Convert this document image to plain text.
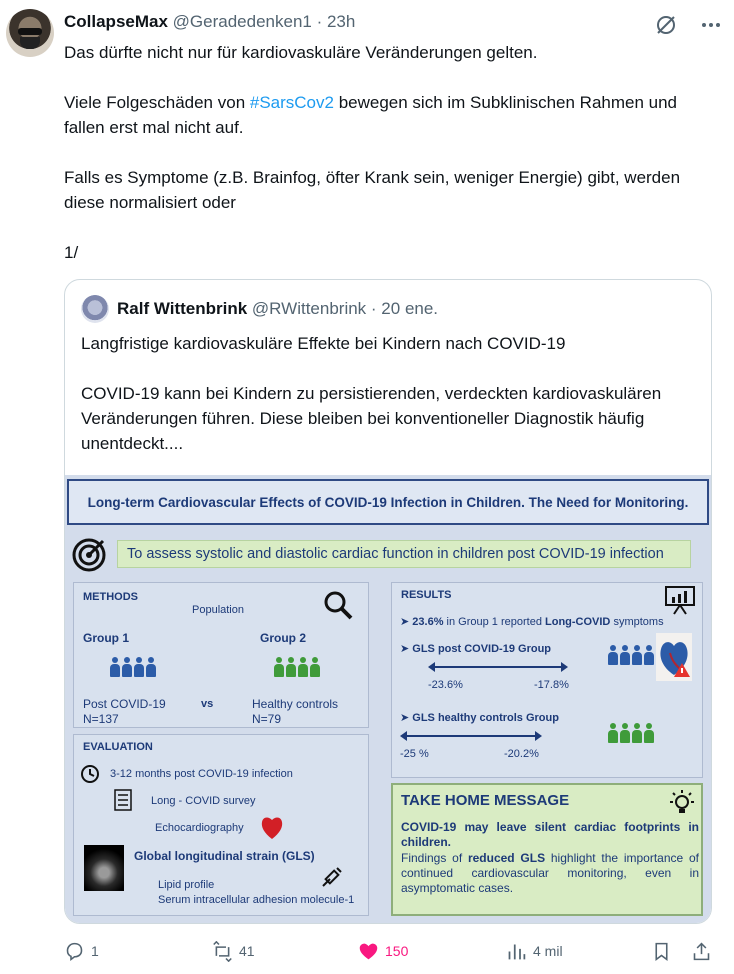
CollapseMax @Geradedenken1 · 23h

Das dürfte nicht nur für kardiovaskuläre Veränderungen gelten.

Viele Folgeschäden von #SarsCov2 bewegen sich im Subklinischen Rahmen und fallen erst mal nicht auf.

Falls es Symptome (z.B. Brainfog, öfter Krank sein, weniger Energie) gibt, werden diese normalisiert oder

1/

Ralf Wittenbrink @RWittenbrink · 20 ene.

Langfristige kardiovaskuläre Effekte bei Kindern nach COVID-19

COVID-19 kann bei Kindern zu persistierenden, verdeckten kardiovaskulären Veränderungen führen. Diese bleiben bei konventioneller Diagnostik häufig unentdeckt....

Long-term Cardiovascular Effects of COVID-19 Infection in Children. The Need for Monitoring.
To assess systolic and diastolic cardiac function in children post COVID-19 infection
METHODS
Population
Group 1	Group 2
Post COVID-19
N=137
vs	Healthy controls
N=79
EVALUATION
3-12 months post COVID-19 infection
Long - COVID survey
Echocardiography
Global longitudinal strain (GLS)
Lipid profile
Serum intracellular adhesion molecule-1
RESULTS
➤ 23.6% in Group 1 reported Long-COVID symptoms
➤ GLS post COVID-19 Group
-23.6%	-17.8%
➤ GLS healthy controls Group
-25 %	-20.2%
TAKE HOME MESSAGE
COVID-19 may leave silent cardiac footprints in children.
Findings of reduced GLS highlight the importance of continued cardiovascular monitoring, even in asymptomatic cases.
1	41	150	4 mil
